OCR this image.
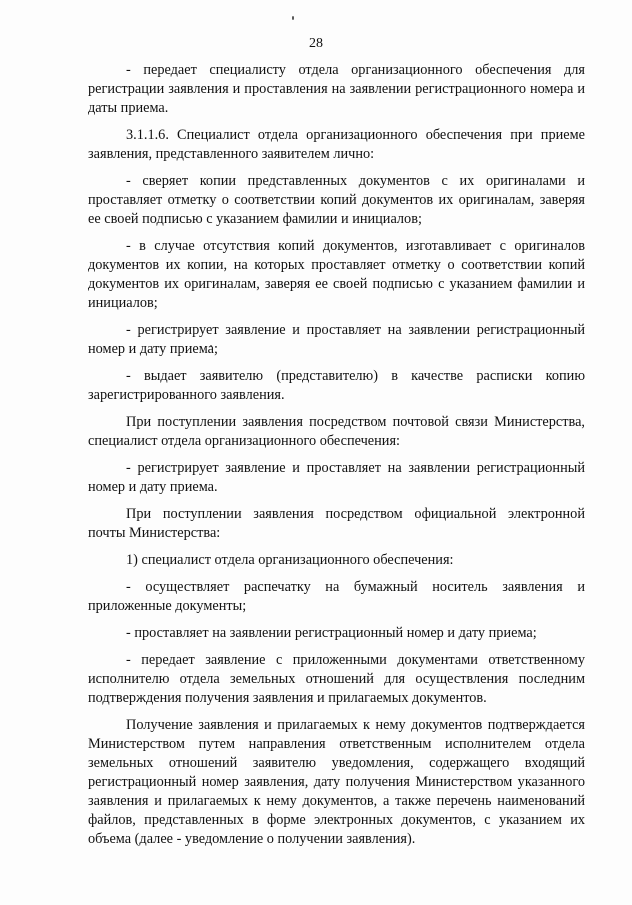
28

- передает специалисту отдела организационного обеспечения для регистрации заявления и проставления на заявлении регистрационного номера и даты приема.

3.1.1.6. Специалист отдела организационного обеспечения при приеме заявления, представленного заявителем лично:

- сверяет копии представленных документов с их оригиналами и проставляет отметку о соответствии копий документов их оригиналам, заверяя ее своей подписью с указанием фамилии и инициалов;

- в случае отсутствия копий документов, изготавливает с оригиналов документов их копии, на которых проставляет отметку о соответствии копий документов их оригиналам, заверяя ее своей подписью с указанием фамилии и инициалов;

- регистрирует заявление и проставляет на заявлении регистрационный номер и дату приема;

- выдает заявителю (представителю) в качестве расписки копию зарегистрированного заявления.

При поступлении заявления посредством почтовой связи Министерства, специалист отдела организационного обеспечения:

- регистрирует заявление и проставляет на заявлении регистрационный номер и дату приема.

При поступлении заявления посредством официальной электронной почты Министерства:

1) специалист отдела организационного обеспечения:

- осуществляет распечатку на бумажный носитель заявления и приложенные документы;

- проставляет на заявлении регистрационный номер и дату приема;

- передает заявление с приложенными документами ответственному исполнителю отдела земельных отношений для осуществления последним подтверждения получения заявления и прилагаемых документов.

Получение заявления и прилагаемых к нему документов подтверждается Министерством путем направления ответственным исполнителем отдела земельных отношений заявителю уведомления, содержащего входящий регистрационный номер заявления, дату получения Министерством указанного заявления и прилагаемых к нему документов, а также перечень наименований файлов, представленных в форме электронных документов, с указанием их объема (далее - уведомление о получении заявления).
